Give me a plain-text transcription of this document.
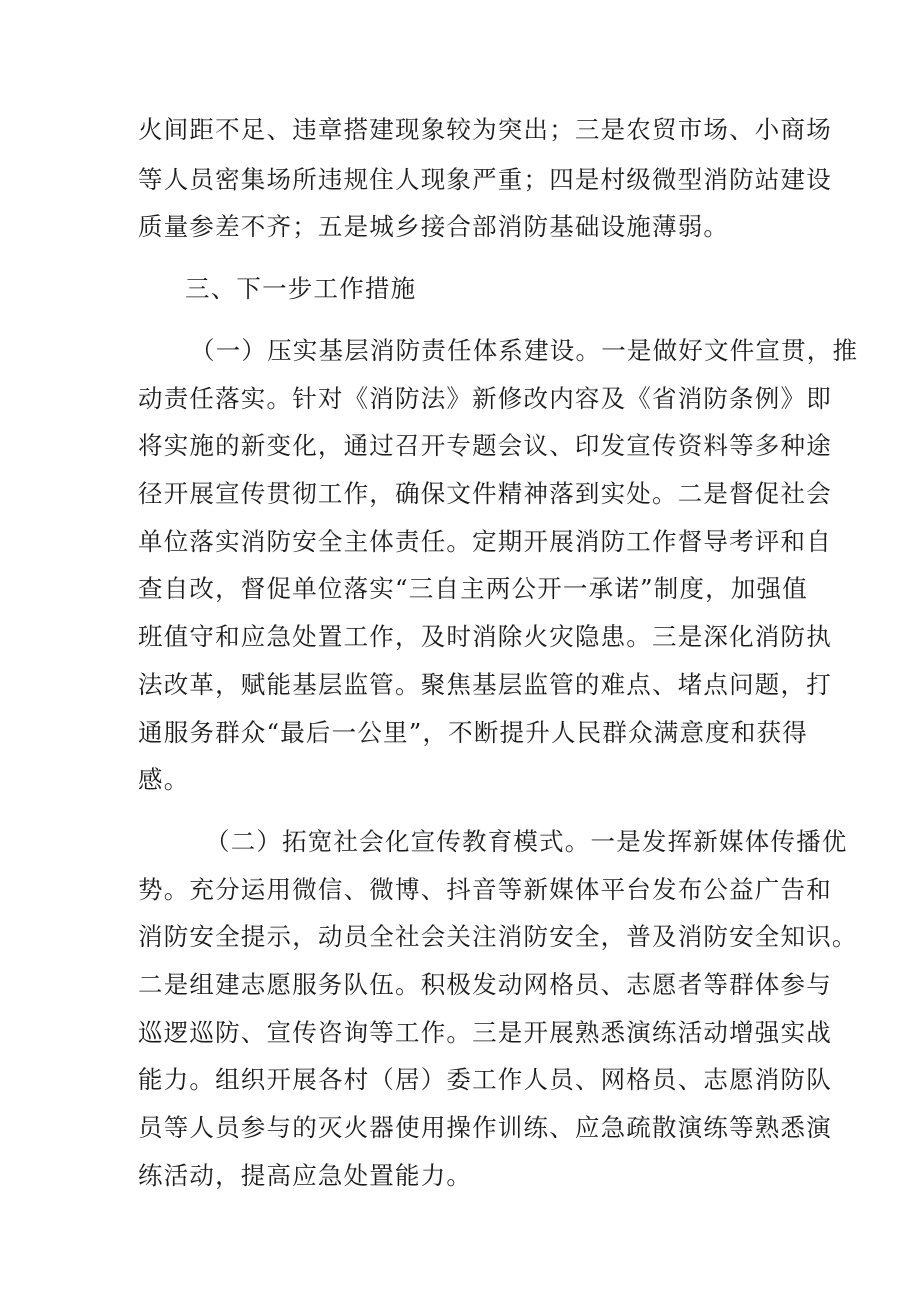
火间距不足、违章搭建现象较为突出；三是农贸市场、小商场
等人员密集场所违规住人现象严重；四是村级微型消防站建设
质量参差不齐；五是城乡接合部消防基础设施薄弱。
三、下一步工作措施
（一）压实基层消防责任体系建设。一是做好文件宣贯，推
动责任落实。针对《消防法》新修改内容及《省消防条例》即
将实施的新变化，通过召开专题会议、印发宣传资料等多种途
径开展宣传贯彻工作，确保文件精神落到实处。二是督促社会
单位落实消防安全主体责任。定期开展消防工作督导考评和自
查自改，督促单位落实“三自主两公开一承诺”制度，加强值
班值守和应急处置工作，及时消除火灾隐患。三是深化消防执
法改革，赋能基层监管。聚焦基层监管的难点、堵点问题，打
通服务群众“最后一公里”，不断提升人民群众满意度和获得
感。
（二）拓宽社会化宣传教育模式。一是发挥新媒体传播优
势。充分运用微信、微博、抖音等新媒体平台发布公益广告和
消防安全提示，动员全社会关注消防安全，普及消防安全知识。
二是组建志愿服务队伍。积极发动网格员、志愿者等群体参与
巡逻巡防、宣传咨询等工作。三是开展熟悉演练活动增强实战
能力。组织开展各村（居）委工作人员、网格员、志愿消防队
员等人员参与的灭火器使用操作训练、应急疏散演练等熟悉演
练活动，提高应急处置能力。
